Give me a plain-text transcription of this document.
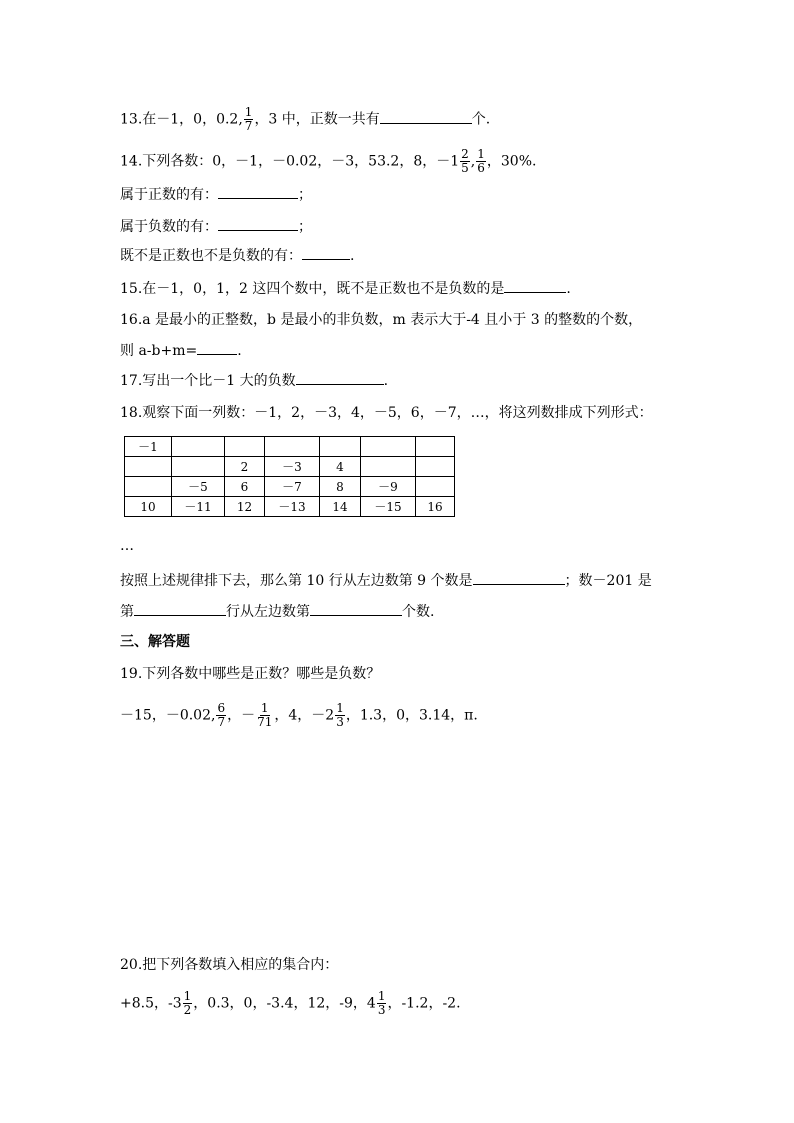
13.在－1，0，0.2, $\frac{1}{7}$ ，3 中，正数一共有	个.
14.下列各数：0，－1，－0.02，－3，53.2，8，$-1 \frac{2}{5}$ , $\frac{1}{6}$ ，30%.
属于正数的有：	；
属于负数的有：	；
既不是正数也不是负数的有：	.
15.在－1，0，1，2 这四个数中，既不是正数也不是负数的是	.
16.a 是最小的正整数，b 是最小的非负数，m 表示大于-4 且小于 3 的整数的个数，
则 a-b+m=	.
17.写出一个比－1 大的负数	.
18.观察下面一列数：－1，2，－3，4，－5，6，－7，…，将这列数排成下列形式：
－1						
		2	－3	4		
	－5	6	－7	8	－9	
10	－11	12	－13	14	－15	16
…
按照上述规律排下去，那么第 10 行从左边数第 9 个数是	；数－201 是
第	行从左边数第	个数.
三、解答题
19.下列各数中哪些是正数？哪些是负数？
－15，－0.02, $\frac{6}{7}$ ，－ $\frac{1}{71}$ ，4，$-2 \frac{1}{3}$ ，1.3，0，3.14，π.
20.把下列各数填入相应的集合内：
+8.5，$-3 \frac{1}{2}$ ，0.3，0，-3.4，12，-9，$4 \frac{1}{3}$ ，-1.2，-2.
